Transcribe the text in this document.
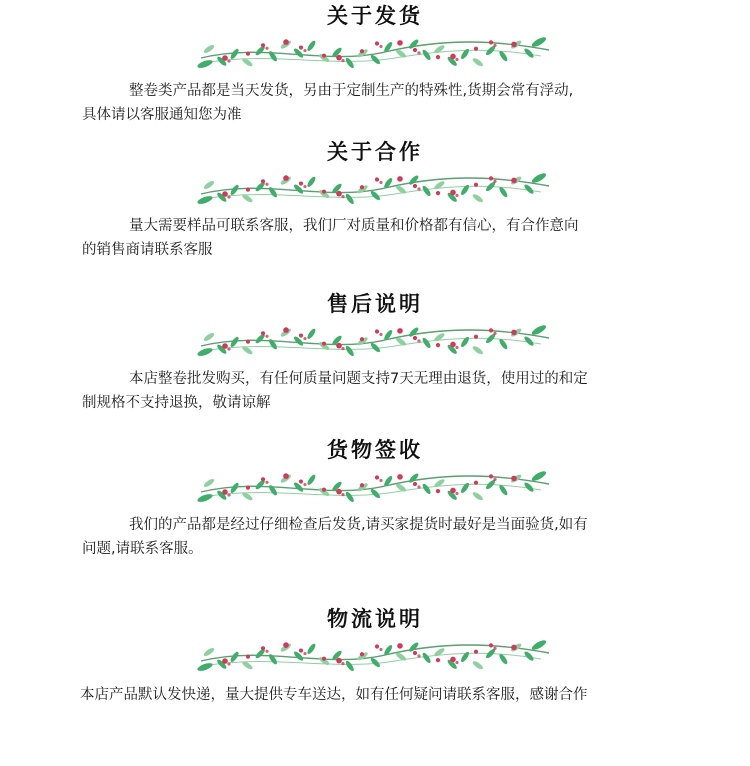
关于发货

整卷类产品都是当天发货，另由于定制生产的特殊性,货期会常有浮动,
具体请以客服通知您为准

关于合作

量大需要样品可联系客服，我们厂对质量和价格都有信心，有合作意向
的销售商请联系客服

售后说明

本店整卷批发购买，有任何质量问题支持7天无理由退货，使用过的和定
制规格不支持退换，敬请谅解

货物签收

我们的产品都是经过仔细检查后发货,请买家提货时最好是当面验货,如有
问题,请联系客服。

物流说明

本店产品默认发快递，量大提供专车送达，如有任何疑问请联系客服，感谢合作
